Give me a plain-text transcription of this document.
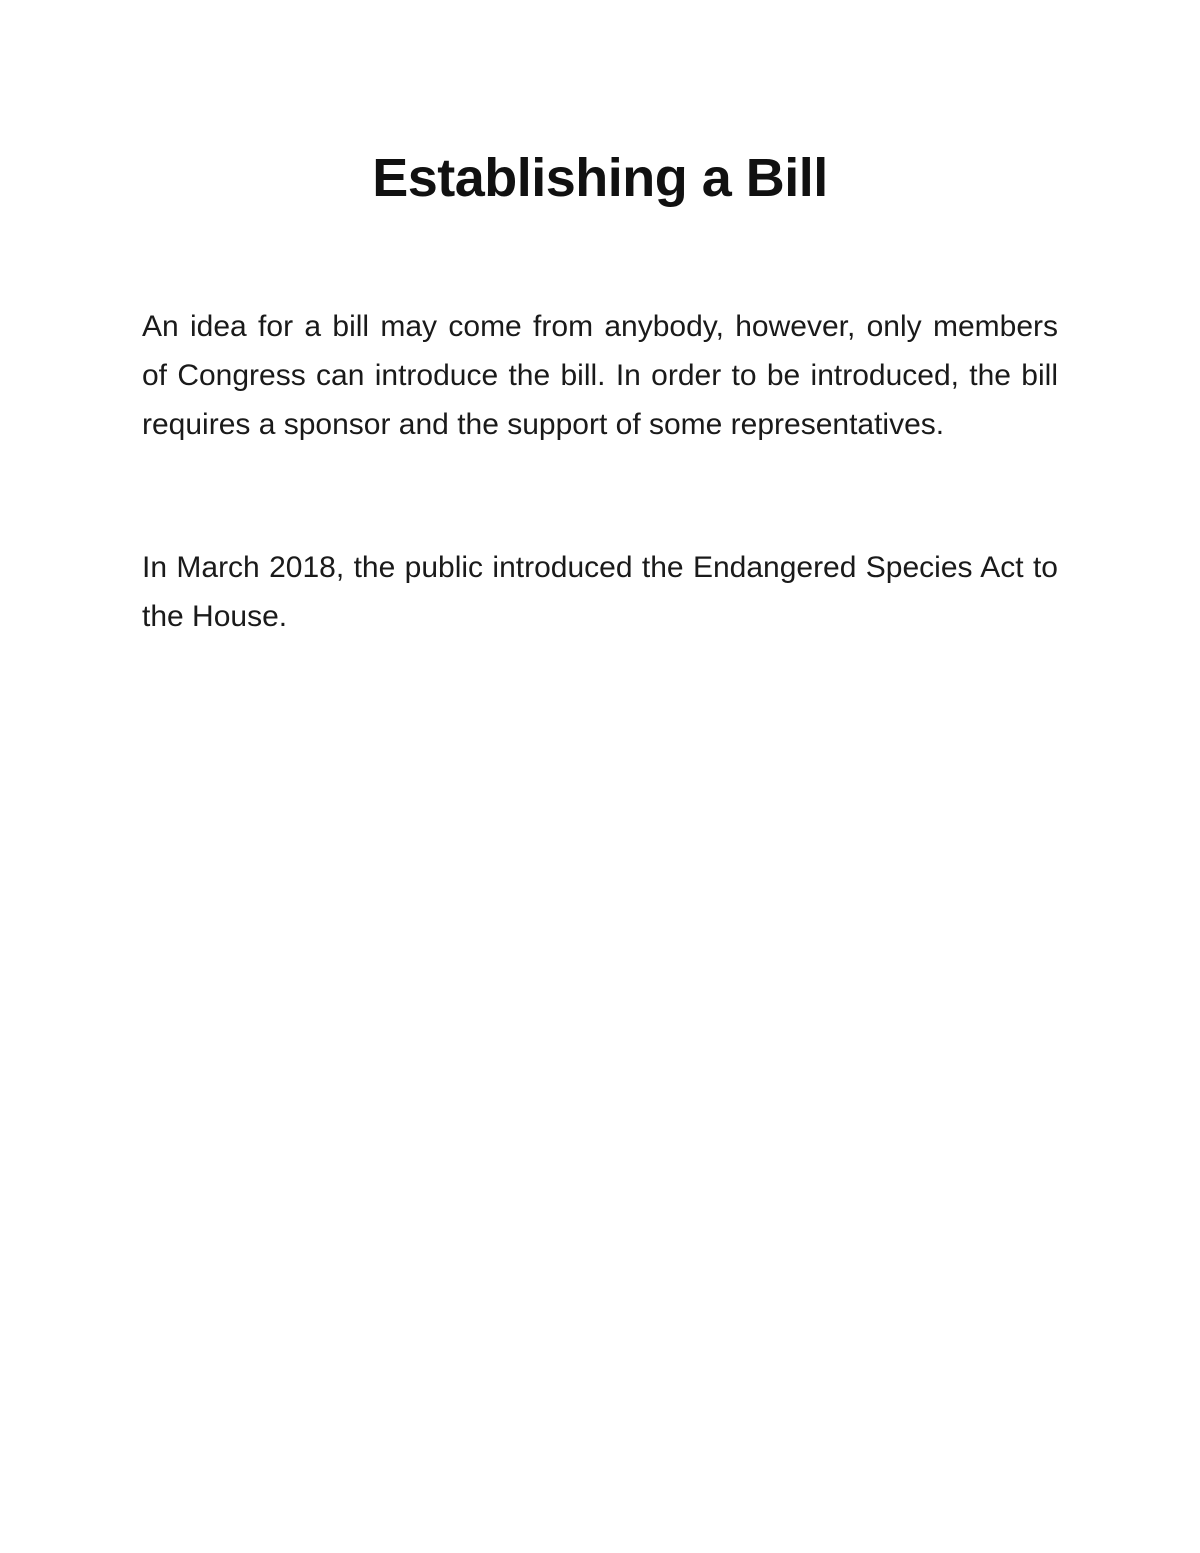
Establishing a Bill

An idea for a bill may come from anybody, however, only members of Congress can introduce the bill. In order to be introduced, the bill requires a sponsor and the support of some representatives.

In March 2018, the public introduced the Endangered Species Act to the House.
